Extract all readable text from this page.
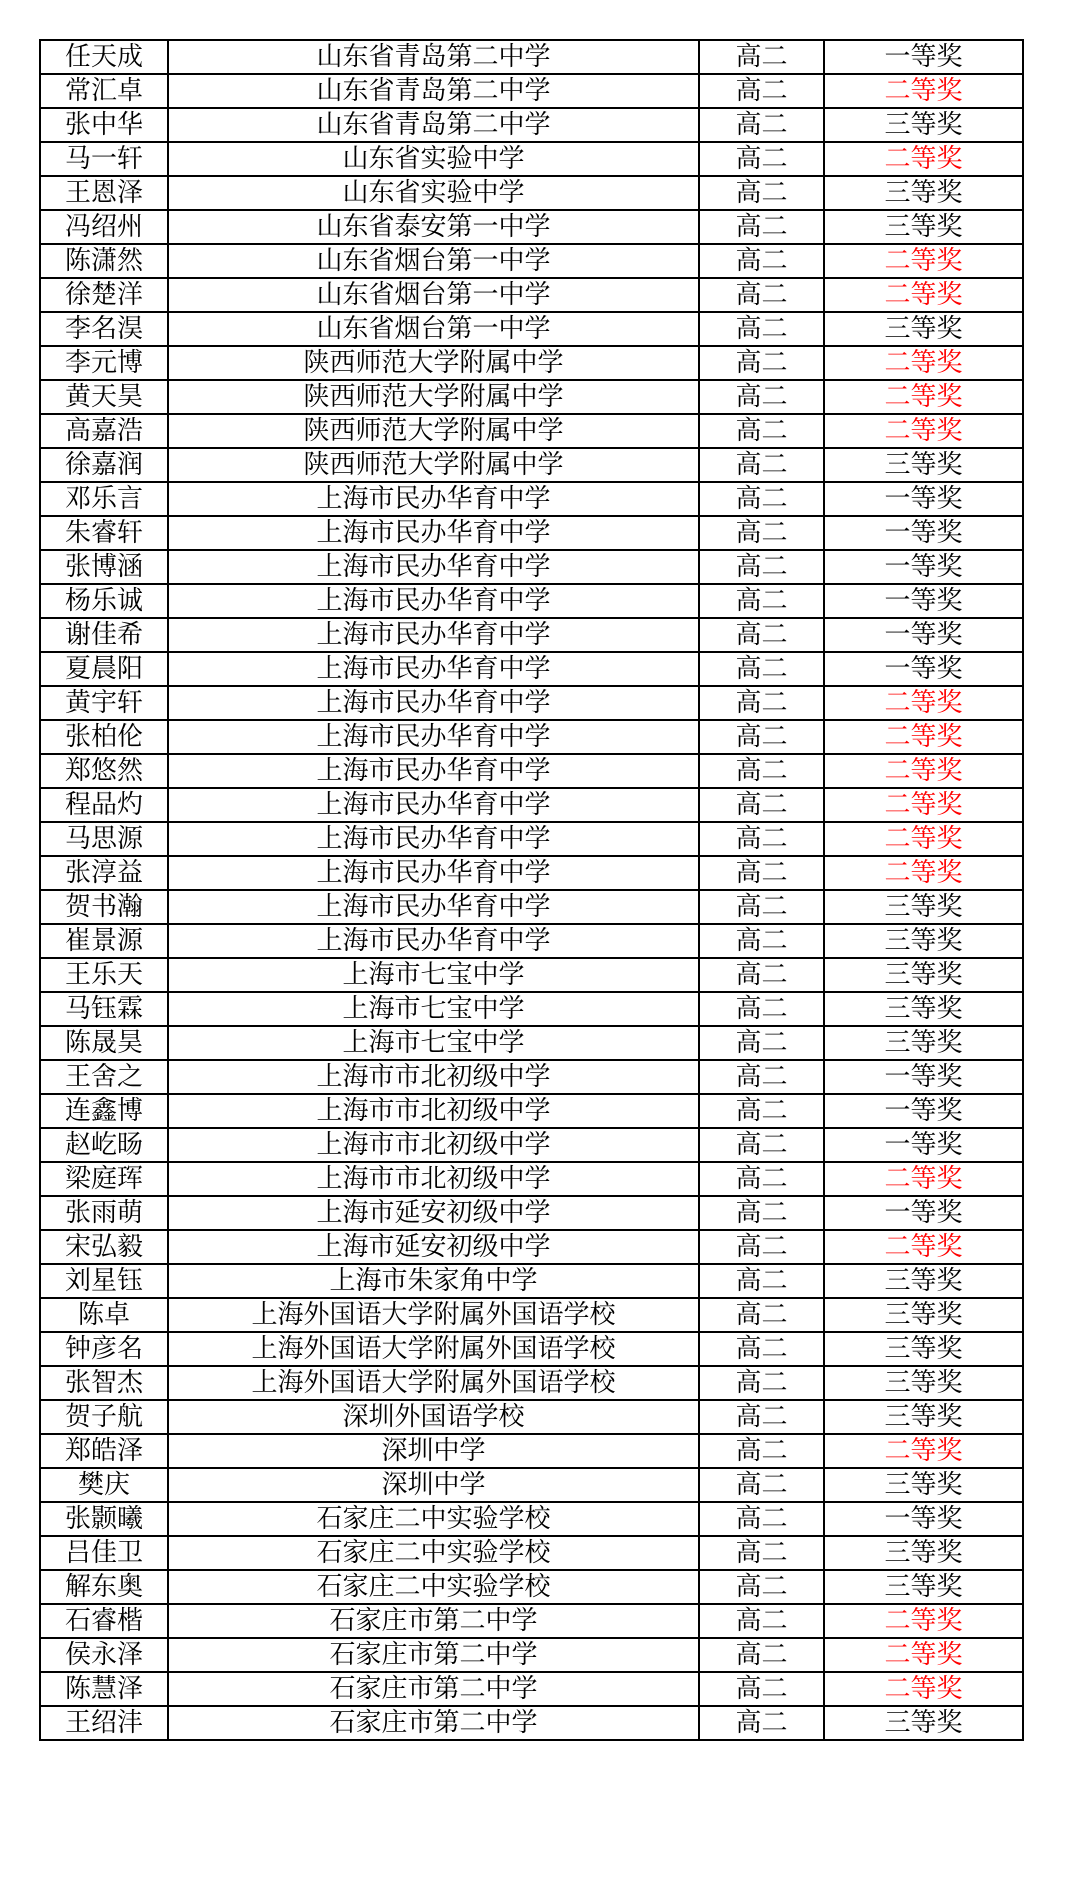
任天成	山东省青岛第二中学	高二	一等奖
常汇卓	山东省青岛第二中学	高二	二等奖
张中华	山东省青岛第二中学	高二	三等奖
马一轩	山东省实验中学	高二	二等奖
王恩泽	山东省实验中学	高二	三等奖
冯绍州	山东省泰安第一中学	高二	三等奖
陈潇然	山东省烟台第一中学	高二	二等奖
徐楚洋	山东省烟台第一中学	高二	二等奖
李名淏	山东省烟台第一中学	高二	三等奖
李元博	陕西师范大学附属中学	高二	二等奖
黄天昊	陕西师范大学附属中学	高二	二等奖
高嘉浩	陕西师范大学附属中学	高二	二等奖
徐嘉润	陕西师范大学附属中学	高二	三等奖
邓乐言	上海市民办华育中学	高二	一等奖
朱睿轩	上海市民办华育中学	高二	一等奖
张博涵	上海市民办华育中学	高二	一等奖
杨乐诚	上海市民办华育中学	高二	一等奖
谢佳希	上海市民办华育中学	高二	一等奖
夏晨阳	上海市民办华育中学	高二	一等奖
黄宇轩	上海市民办华育中学	高二	二等奖
张柏伦	上海市民办华育中学	高二	二等奖
郑悠然	上海市民办华育中学	高二	二等奖
程品灼	上海市民办华育中学	高二	二等奖
马思源	上海市民办华育中学	高二	二等奖
张淳益	上海市民办华育中学	高二	二等奖
贺书瀚	上海市民办华育中学	高二	三等奖
崔景源	上海市民办华育中学	高二	三等奖
王乐天	上海市七宝中学	高二	三等奖
马钰霖	上海市七宝中学	高二	三等奖
陈晟昊	上海市七宝中学	高二	三等奖
王舍之	上海市市北初级中学	高二	一等奖
连鑫博	上海市市北初级中学	高二	一等奖
赵屹旸	上海市市北初级中学	高二	一等奖
梁庭珲	上海市市北初级中学	高二	二等奖
张雨萌	上海市延安初级中学	高二	一等奖
宋弘毅	上海市延安初级中学	高二	二等奖
刘星钰	上海市朱家角中学	高二	三等奖
陈卓	上海外国语大学附属外国语学校	高二	三等奖
钟彦名	上海外国语大学附属外国语学校	高二	三等奖
张智杰	上海外国语大学附属外国语学校	高二	三等奖
贺子航	深圳外国语学校	高二	三等奖
郑皓泽	深圳中学	高二	二等奖
樊庆	深圳中学	高二	三等奖
张颢曦	石家庄二中实验学校	高二	一等奖
吕佳卫	石家庄二中实验学校	高二	三等奖
解东奥	石家庄二中实验学校	高二	三等奖
石睿楷	石家庄市第二中学	高二	二等奖
侯永泽	石家庄市第二中学	高二	二等奖
陈慧泽	石家庄市第二中学	高二	二等奖
王绍沣	石家庄市第二中学	高二	三等奖
